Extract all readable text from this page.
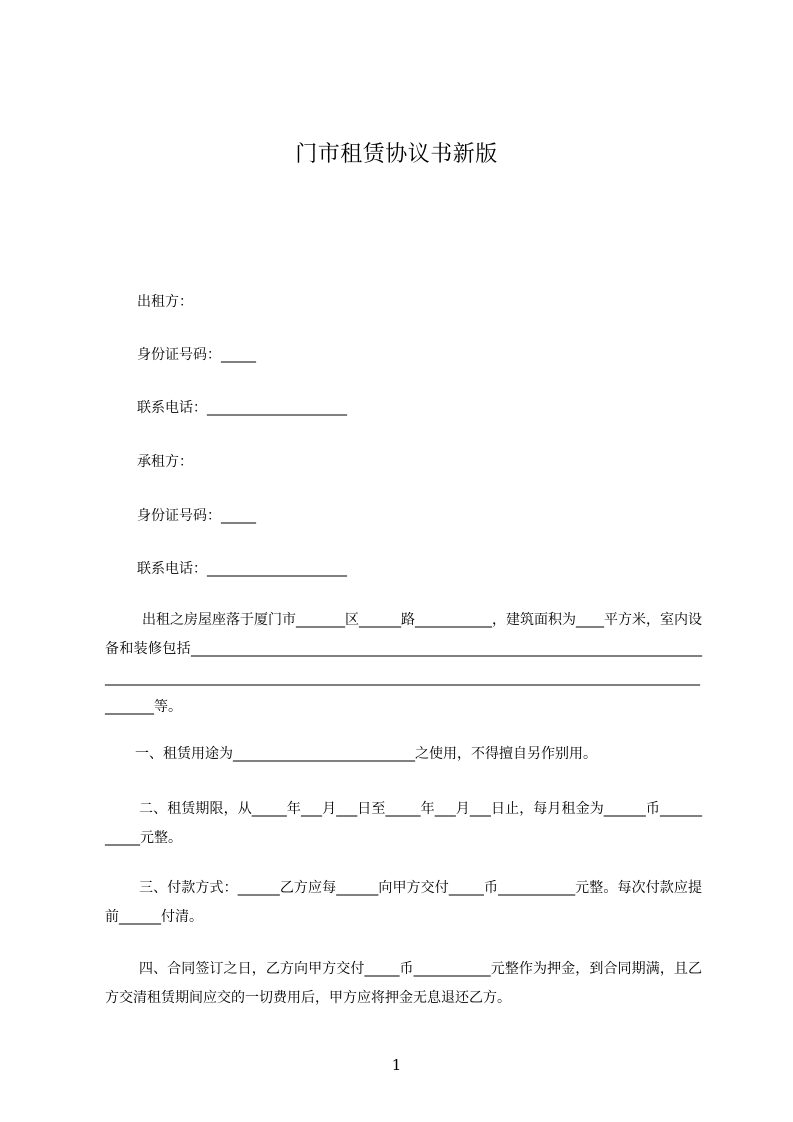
门市租赁协议书新版
出租方：
身份证号码：_____
联系电话：____________________
承租方：
身份证号码：_____
联系电话：____________________
出租之房屋座落于厦门市_______区______路___________，建筑面积为____平方米，室内设备和装修包括_____________________________________________________________________________________________________________________________________________________________________等。
一、租赁用途为__________________________之使用，不得擅自另作别用。
二、租赁期限，从_____年___月___日至_____年___月___日止，每月租金为______币___________元整。
三、付款方式：______乙方应每______向甲方交付_____币___________元整。每次付款应提前______付清。
四、合同签订之日，乙方向甲方交付_____币___________元整作为押金，到合同期满，且乙方交清租赁期间应交的一切费用后，甲方应将押金无息退还乙方。
1
